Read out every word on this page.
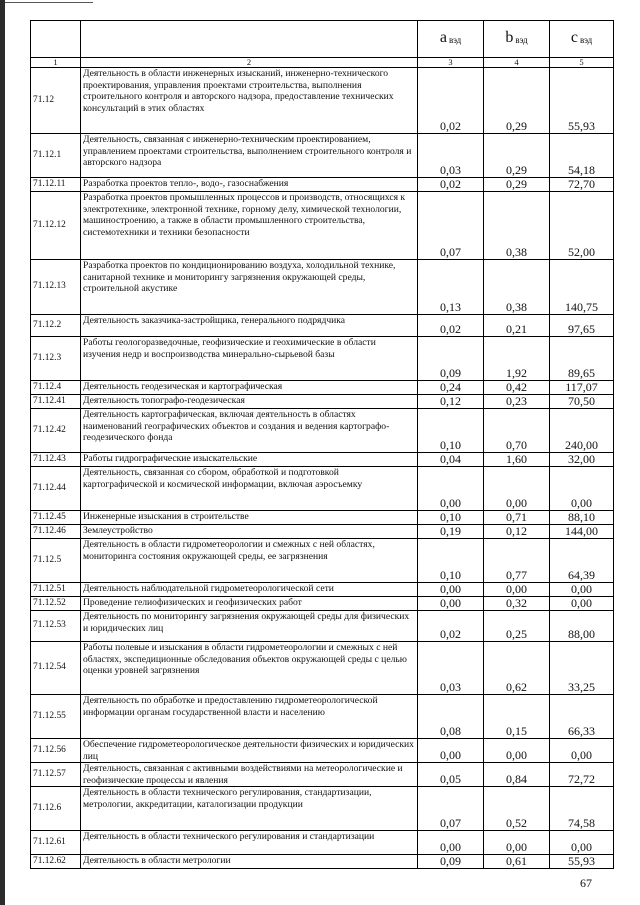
		a $_{вэд}$	b $_{вэд}$	c $_{вэд}$
1	2	3	4	5
71.12	Деятельность в области инженерных изысканий, инженерно-технического проектирования, управления проектами строительства, выполнения строительного контроля и авторского надзора, предоставление технических консультаций в этих областях	0,02	0,29	55,93
71.12.1	Деятельность, связанная с инженерно-техническим проектированием, управлением проектами строительства, выполнением строительного контроля и авторского надзора	0,03	0,29	54,18
71.12.11	Разработка проектов тепло-, водо-, газоснабжения	0,02	0,29	72,70
71.12.12	Разработка проектов промышленных процессов и производств, относящихся к электротехнике, электронной технике, горному делу, химической технологии, машиностроению, а также в области промышленного строительства, системотехники и техники безопасности	0,07	0,38	52,00
71.12.13	Разработка проектов по кондиционированию воздуха, холодильной технике, санитарной технике и мониторингу загрязнения окружающей среды, строительной акустике	0,13	0,38	140,75
71.12.2	Деятельность заказчика-застройщика, генерального подрядчика	0,02	0,21	97,65
71.12.3	Работы геологоразведочные, геофизические и геохимические в области изучения недр и воспроизводства минерально-сырьевой базы	0,09	1,92	89,65
71.12.4	Деятельность геодезическая и картографическая	0,24	0,42	117,07
71.12.41	Деятельность топографо-геодезическая	0,12	0,23	70,50
71.12.42	Деятельность картографическая, включая деятельность в областях наименований географических объектов и создания и ведения картографо-геодезического фонда	0,10	0,70	240,00
71.12.43	Работы гидрографические изыскательские	0,04	1,60	32,00
71.12.44	Деятельность, связанная со сбором, обработкой и подготовкой картографической и космической информации, включая аэросъемку	0,00	0,00	0,00
71.12.45	Инженерные изыскания в строительстве	0,10	0,71	88,10
71.12.46	Землеустройство	0,19	0,12	144,00
71.12.5	Деятельность в области гидрометеорологии и смежных с ней областях, мониторинга состояния окружающей среды, ее загрязнения	0,10	0,77	64,39
71.12.51	Деятельность наблюдательной гидрометеорологической сети	0,00	0,00	0,00
71.12.52	Проведение гелиофизических и геофизических работ	0,00	0,32	0,00
71.12.53	Деятельность по мониторингу загрязнения окружающей среды для физических и юридических лиц	0,02	0,25	88,00
71.12.54	Работы полевые и изыскания в области гидрометеорологии и смежных с ней областях, экспедиционные обследования объектов окружающей среды с целью оценки уровней загрязнения	0,03	0,62	33,25
71.12.55	Деятельность по обработке и предоставлению гидрометеорологической информации органам государственной власти и населению	0,08	0,15	66,33
71.12.56	Обеспечение гидрометеорологическое деятельности физических и юридических лиц	0,00	0,00	0,00
71.12.57	Деятельность, связанная с активными воздействиями на метеорологические и геофизические процессы и явления	0,05	0,84	72,72
71.12.6	Деятельность в области технического регулирования, стандартизации, метрологии, аккредитации, каталогизации продукции	0,07	0,52	74,58
71.12.61	Деятельность в области технического регулирования и стандартизации	0,00	0,00	0,00
71.12.62	Деятельность в области метрологии	0,09	0,61	55,93
67
